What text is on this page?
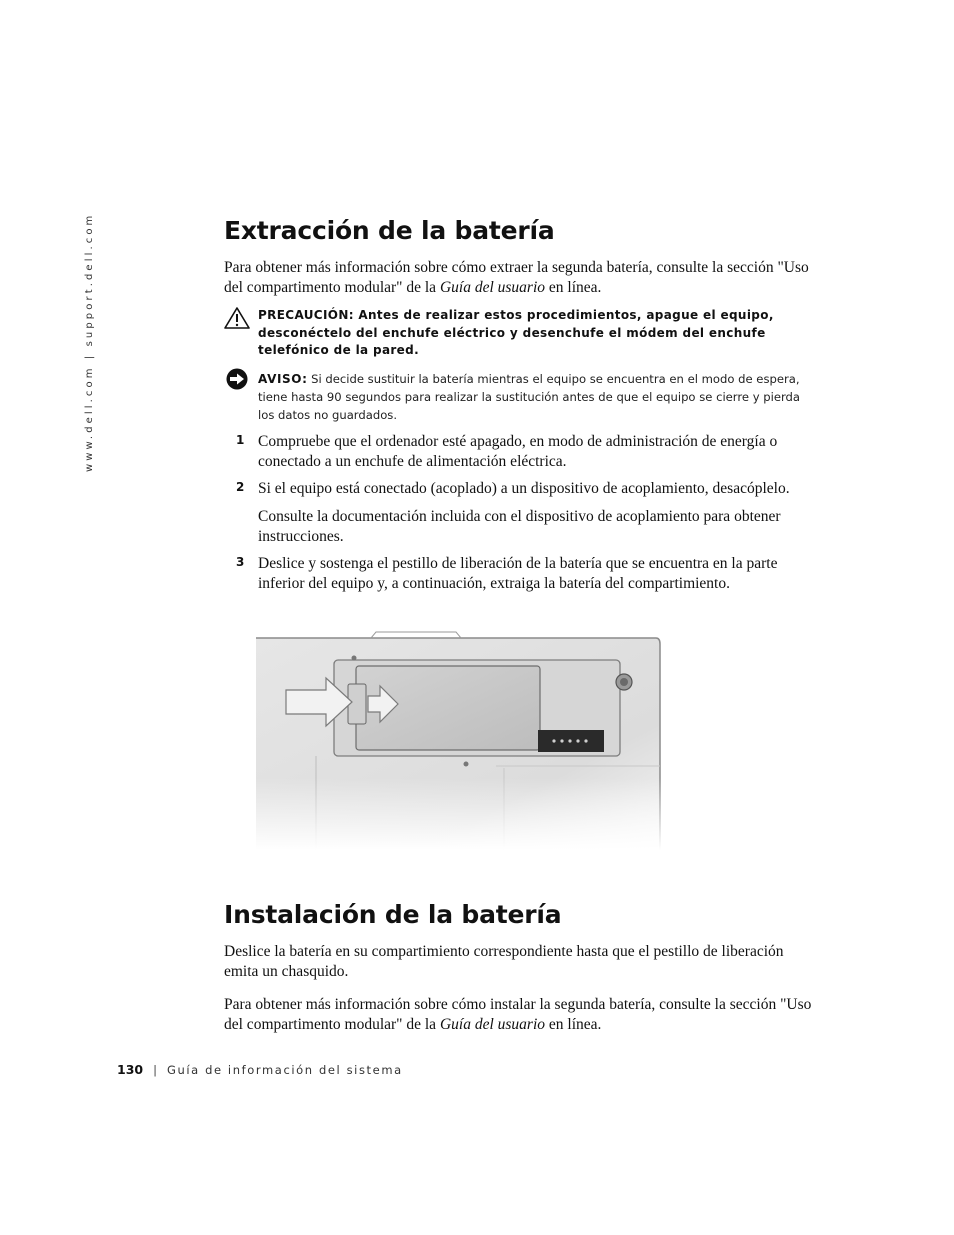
www.dell.com | support.dell.com	Extracción de la batería

Para obtener más información sobre cómo extraer la segunda batería, consulte la sección "Uso del compartimento modular" de la Guía del usuario en línea.

PRECAUCIÓN: Antes de realizar estos procedimientos, apague el equipo, desconéctelo del enchufe eléctrico y desenchufe el módem del enchufe telefónico de la pared.
AVISO: Si decide sustituir la batería mientras el equipo se encuentra en el modo de espera, tiene hasta 90 segundos para realizar la sustitución antes de que el equipo se cierre y pierda los datos no guardados.
1 Compruebe que el ordenador esté apagado, en modo de administración de energía o conectado a un enchufe de alimentación eléctrica.
2 Si el equipo está conectado (acoplado) a un dispositivo de acoplamiento, desacóplelo.
Consulte la documentación incluida con el dispositivo de acoplamiento para obtener instrucciones.
3 Deslice y sostenga el pestillo de liberación de la batería que se encuentra en la parte inferior del equipo y, a continuación, extraiga la batería del compartimiento.
Instalación de la batería

Deslice la batería en su compartimiento correspondiente hasta que el pestillo de liberación emita un chasquido.

Para obtener más información sobre cómo instalar la segunda batería, consulte la sección "Uso del compartimento modular" de la Guía del usuario en línea.

130 | Guía de información del sistema
